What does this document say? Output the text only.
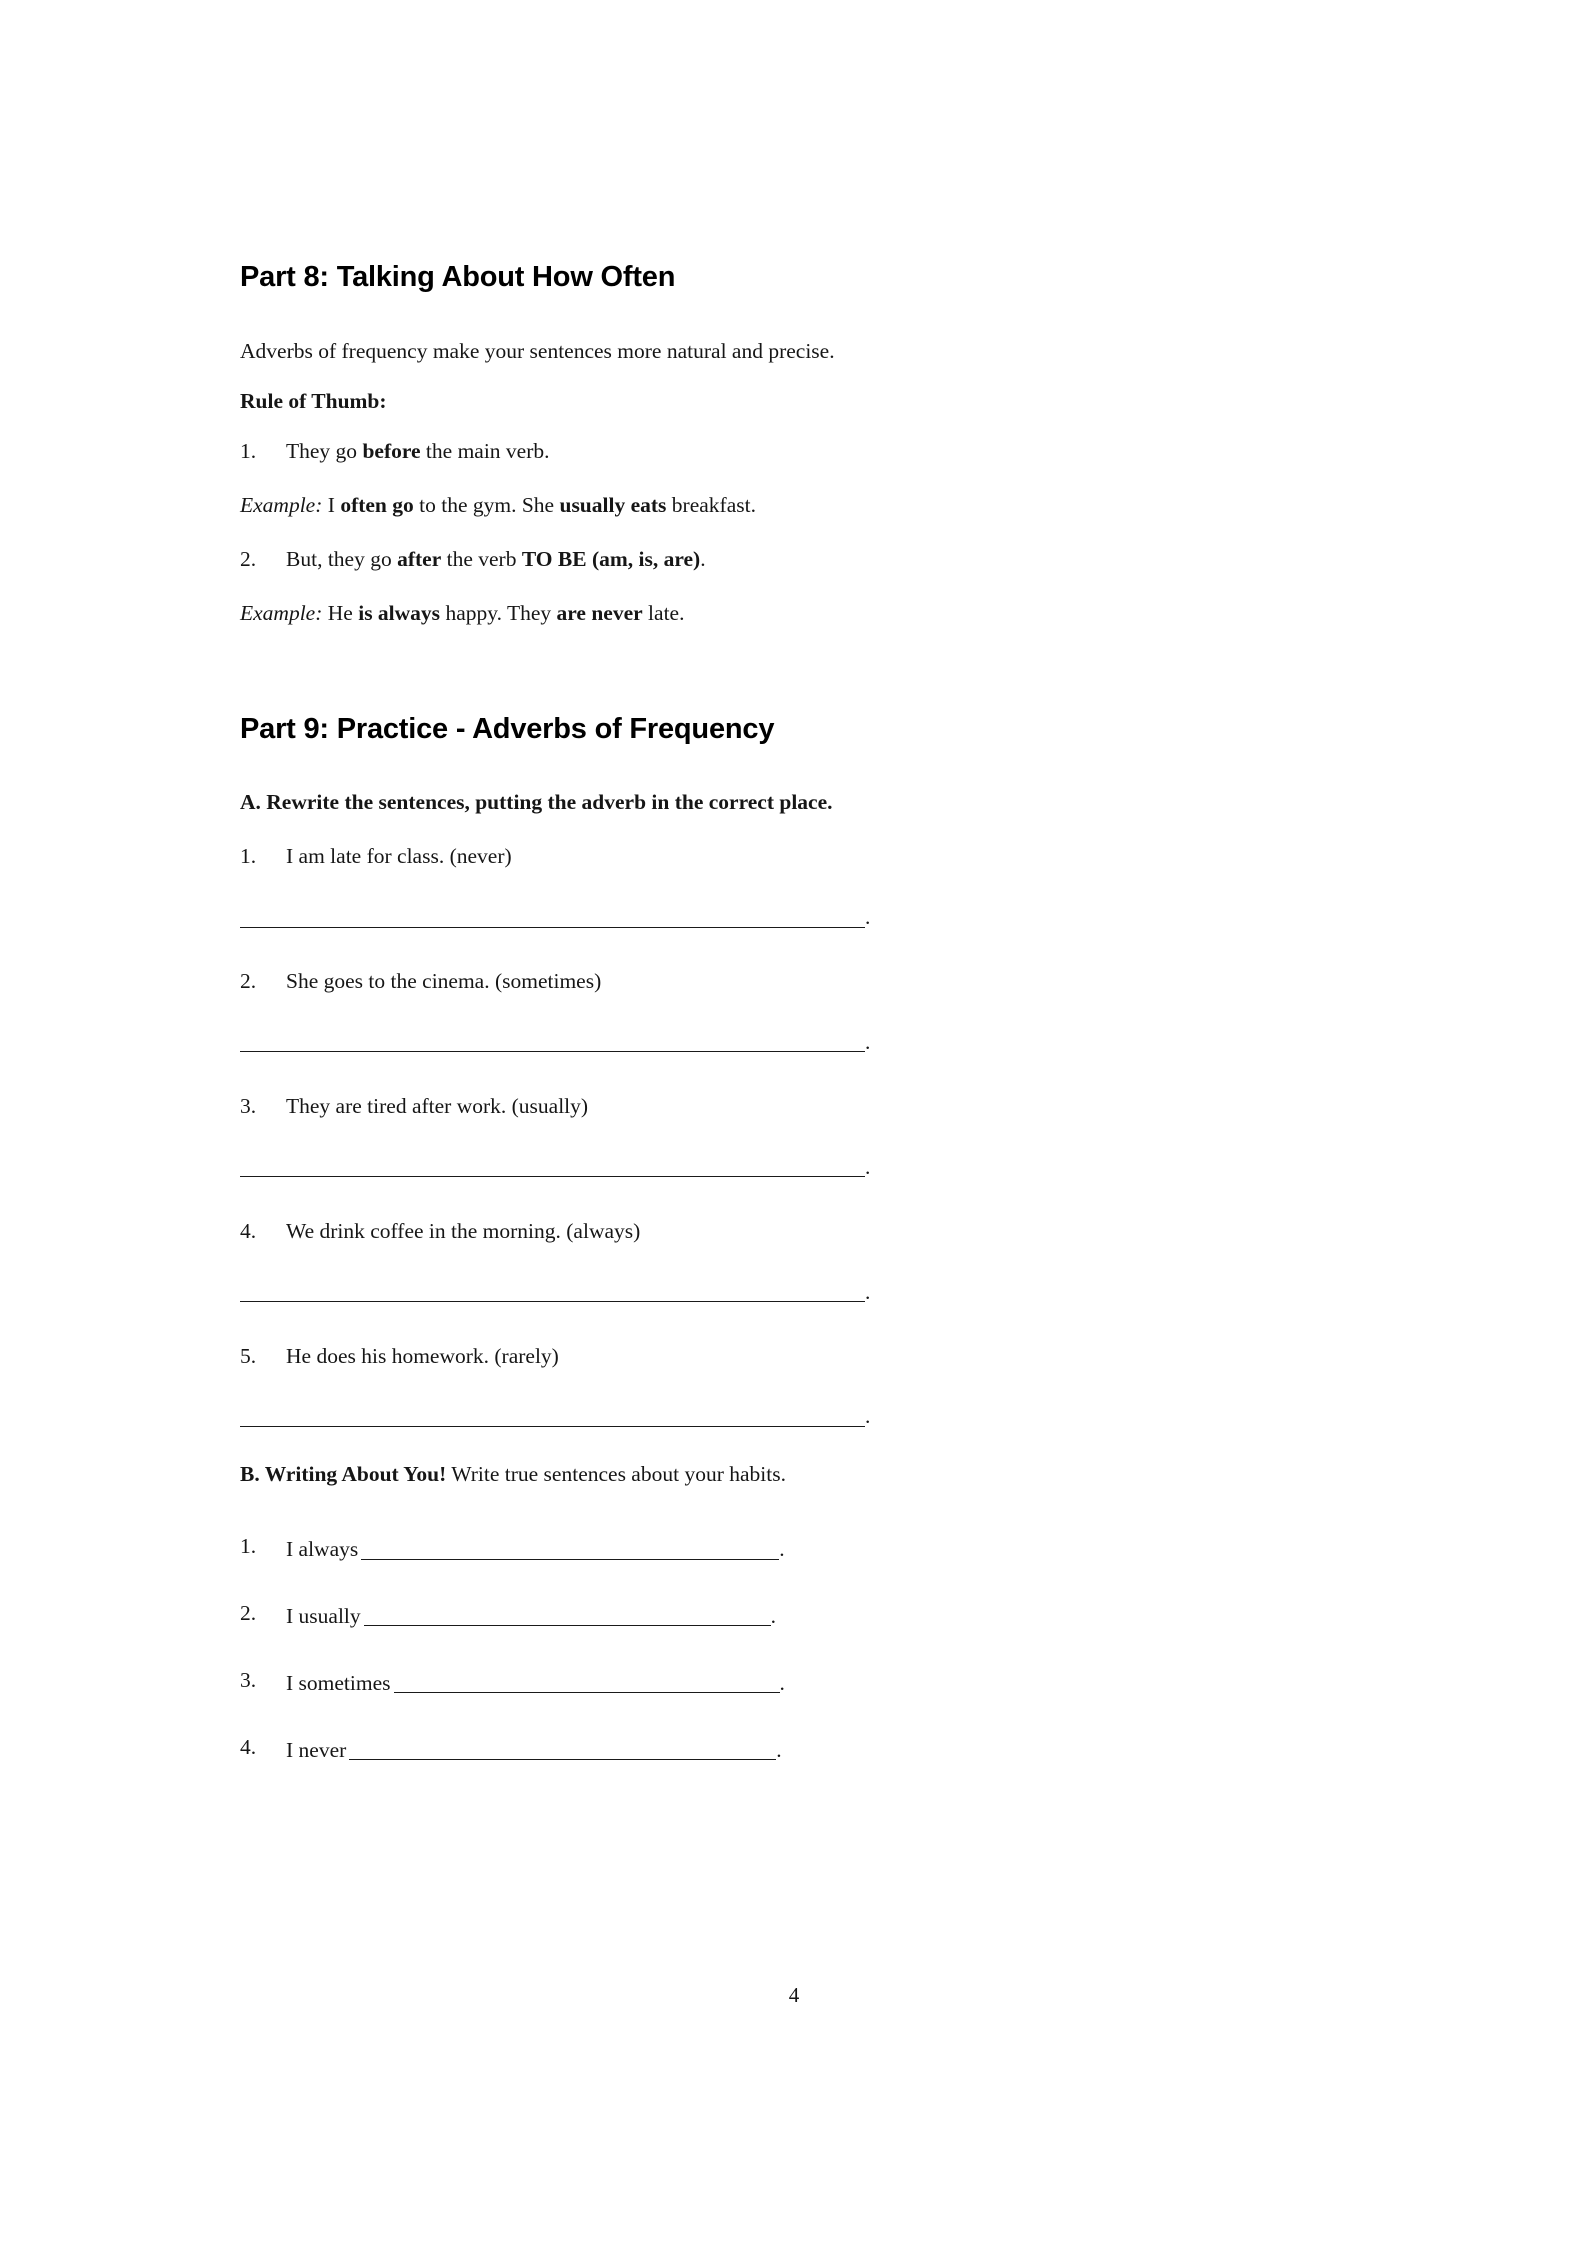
Part 8: Talking About How Often

Adverbs of frequency make your sentences more natural and precise.

Rule of Thumb:

1.	They go before the main verb.

Example: I often go to the gym. She usually eats breakfast.

2.	But, they go after the verb TO BE (am, is, are).

Example: He is always happy. They are never late.

Part 9: Practice - Adverbs of Frequency

A. Rewrite the sentences, putting the adverb in the correct place.

1.	I am late for class. (never)

.

2.	She goes to the cinema. (sometimes)

.

3.	They are tired after work. (usually)

.

4.	We drink coffee in the morning. (always)

.

5.	He does his homework. (rarely)

.

B. Writing About You! Write true sentences about your habits.

1.	I always	.

2.	I usually	.

3.	I sometimes	.

4.	I never	.

4
